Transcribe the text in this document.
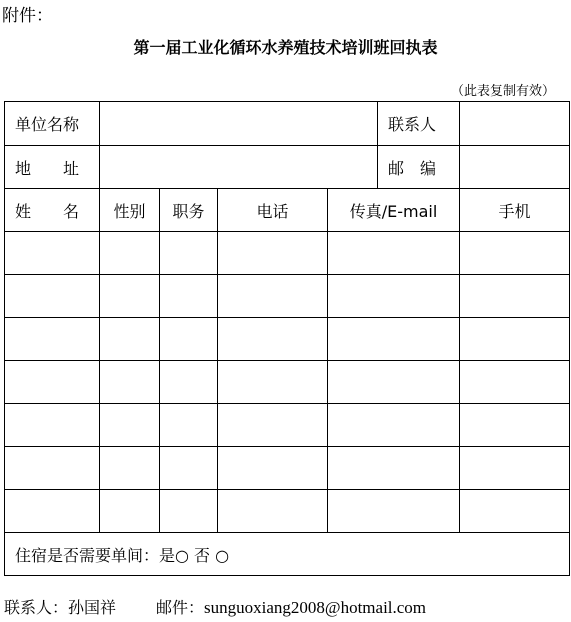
附件：
第一届工业化循环水养殖技术培训班回执表
（此表复制有效）
单位名称					联系人	
地　　址					邮　编	
姓　　名	性别	职务	电话	传真/E-mail		手机

住宿是否需要单间：是○ 否 ○						
联系人：孙国祥	邮件：sunguoxiang2008@hotmail.com
